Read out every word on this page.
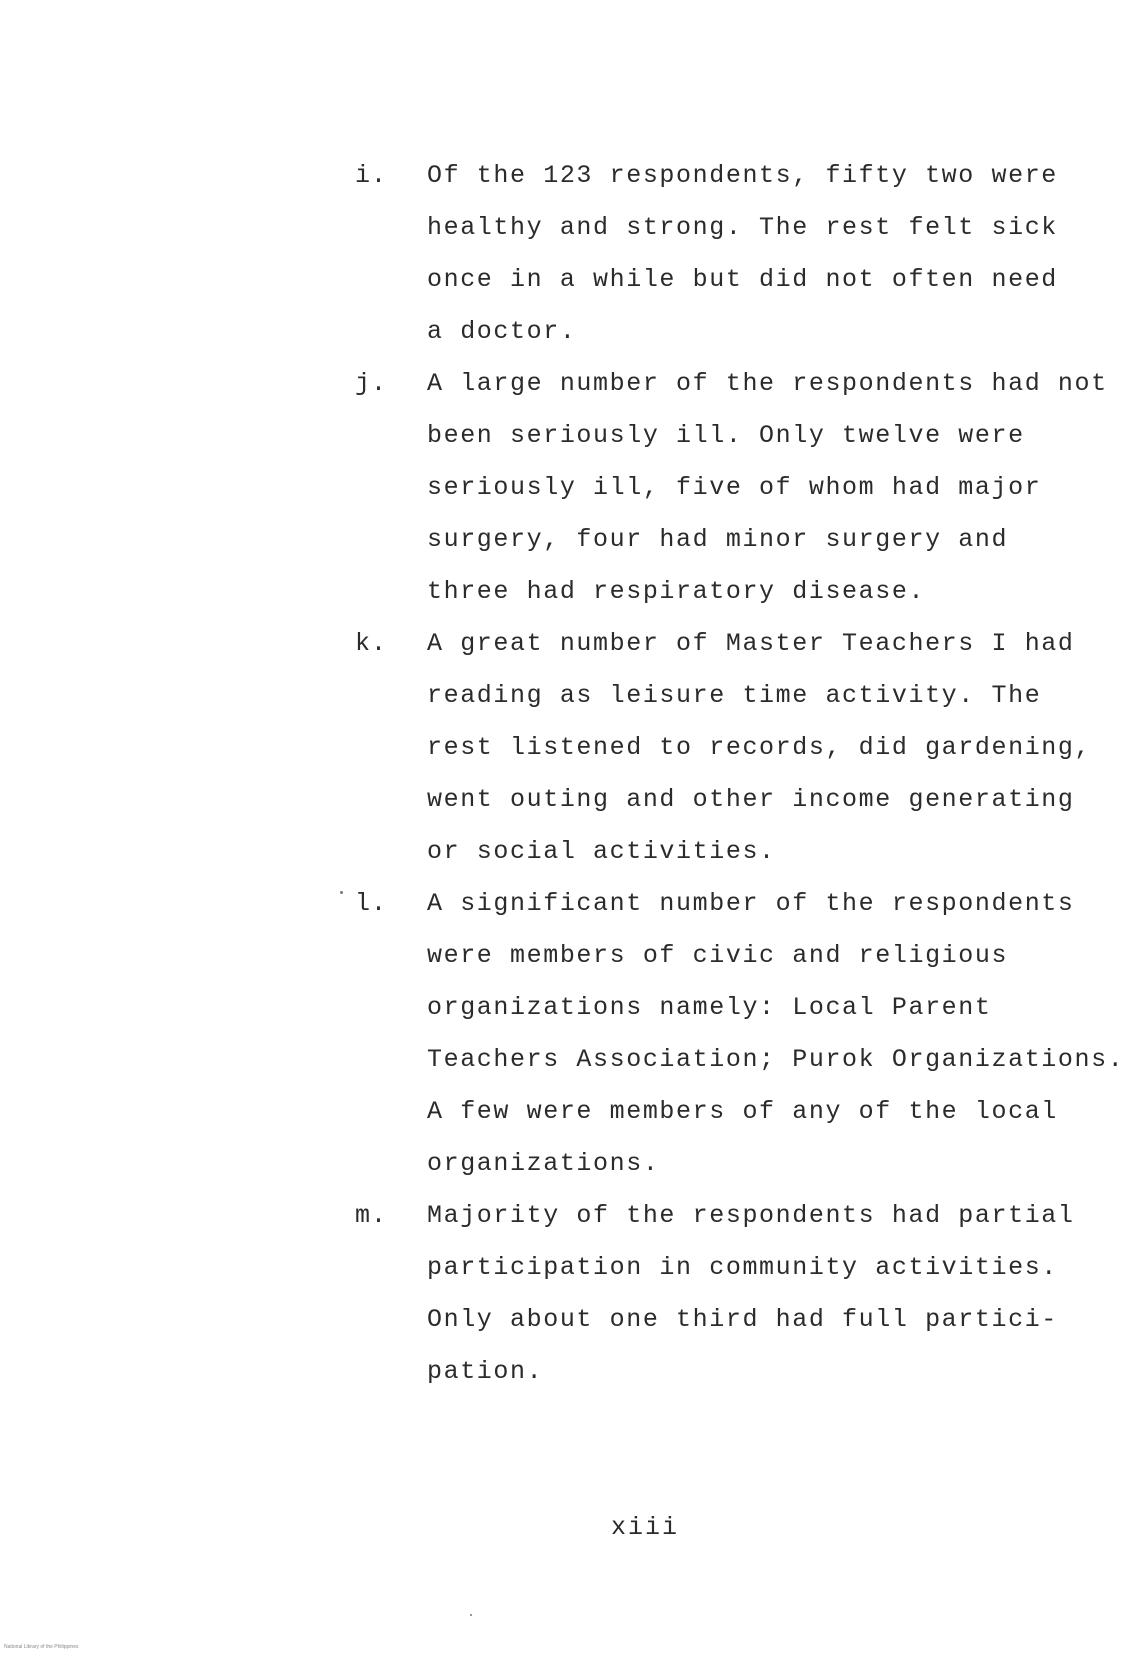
i. Of the 123 respondents, fifty two were
healthy and strong. The rest felt sick
once in a while but did not often need
a doctor.
j. A large number of the respondents had not
been seriously ill. Only twelve were
seriously ill, five of whom had major
surgery, four had minor surgery and
three had respiratory disease.
k. A great number of Master Teachers I had
reading as leisure time activity. The
rest listened to records, did gardening,
went outing and other income generating
or social activities.
l. A significant number of the respondents
were members of civic and religious
organizations namely: Local Parent
Teachers Association; Purok Organizations.
A few were members of any of the local
organizations.
m. Majority of the respondents had partial
participation in community activities.
Only about one third had full partici-
pation.
xiii
National Library of the Philippines
